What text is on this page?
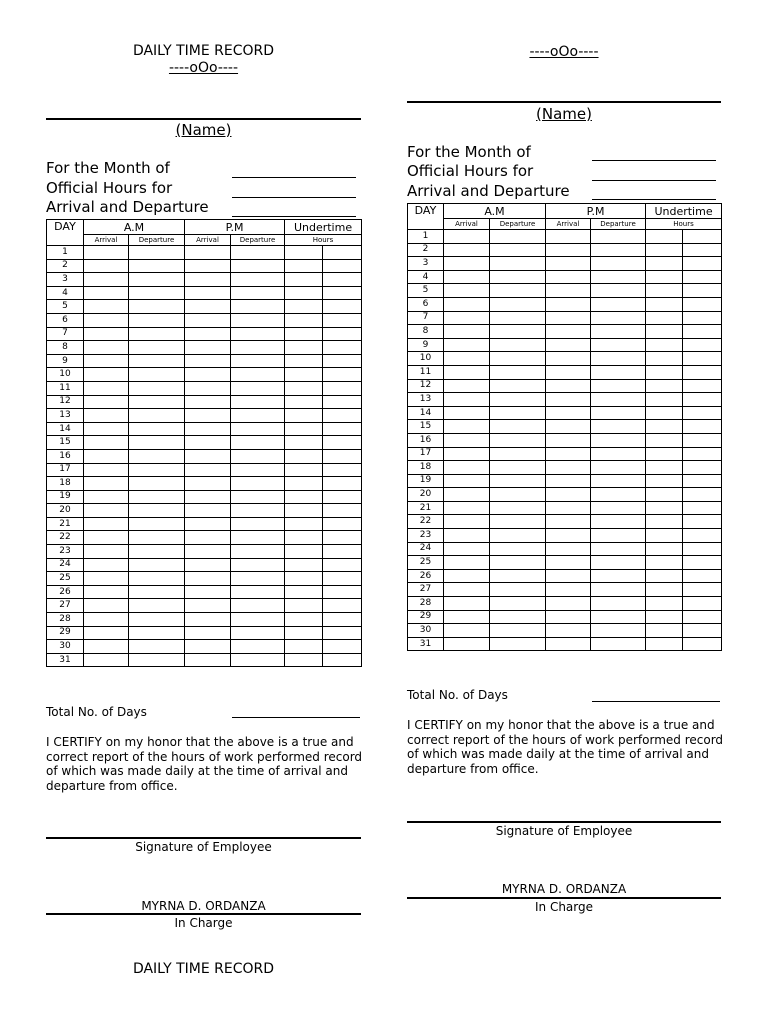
DAILY TIME RECORD
----oOo----
(Name)
For the Month of
Official Hours for
Arrival and Departure
DAY	A.M		P.M		Undertime	
	Arrival	Departure	Arrival	Departure	Hours	
1						
2						
3						
4						
5						
6						
7						
8						
9						
10						
11						
12						
13						
14						
15						
16						
17						
18						
19						
20						
21						
22						
23						
24						
25						
26						
27						
28						
29						
30						
31						
Total No. of Days
I CERTIFY on my honor that the above is a true and
correct report of the hours of work performed record
of which was made daily at the time of arrival and
departure from office.
Signature of Employee
MYRNA D. ORDANZA
In Charge
DAILY TIME RECORD
----oOo----
(Name)
For the Month of
Official Hours for
Arrival and Departure
DAY	A.M		P.M		Undertime	
	Arrival	Departure	Arrival	Departure	Hours	
1						
2						
3						
4						
5						
6						
7						
8						
9						
10						
11						
12						
13						
14						
15						
16						
17						
18						
19						
20						
21						
22						
23						
24						
25						
26						
27						
28						
29						
30						
31						
Total No. of Days
I CERTIFY on my honor that the above is a true and
correct report of the hours of work performed record
of which was made daily at the time of arrival and
departure from office.
Signature of Employee
MYRNA D. ORDANZA
In Charge
